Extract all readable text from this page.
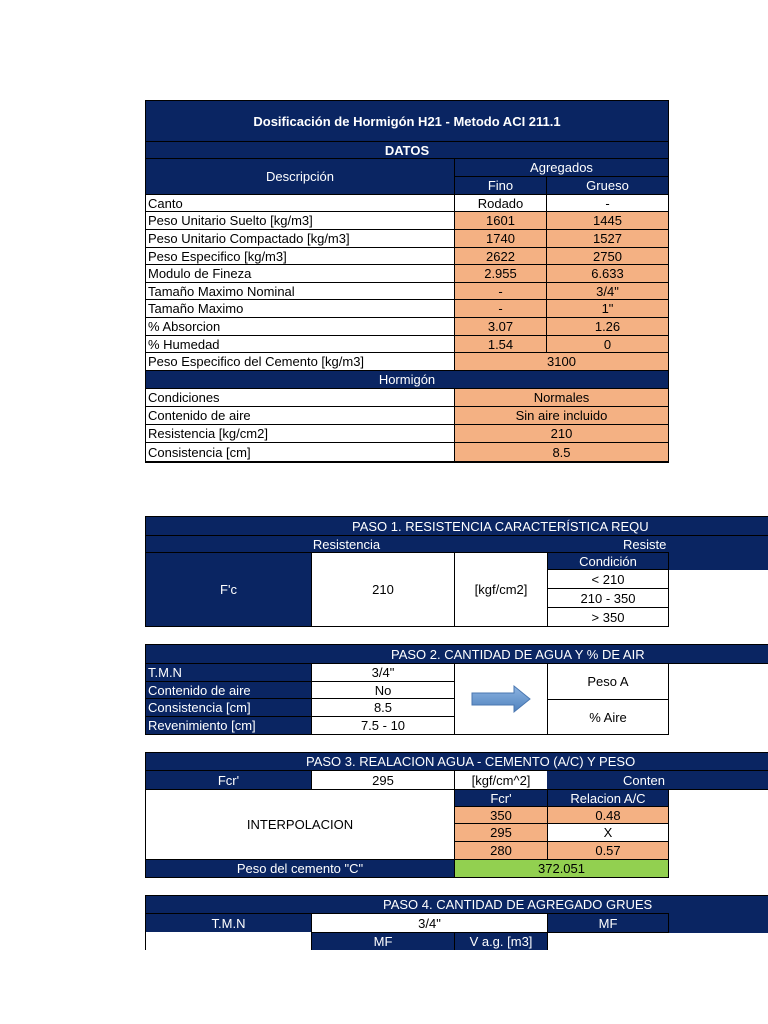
Dosificación de Hormigón H21 - Metodo ACI 211.1
DATOS
Descripción
Agregados
Fino	Grueso
Canto	Rodado	-
Peso Unitario Suelto [kg/m3]	1601	1445
Peso Unitario Compactado [kg/m3]	1740	1527
Peso Especifico [kg/m3]	2622	2750
Modulo de Fineza	2.955	6.633
Tamaño Maximo Nominal	-	3/4"
Tamaño Maximo	-	1"
% Absorcion	3.07	1.26
% Humedad	1.54	0
Peso Especifico del Cemento [kg/m3]	3100
Hormigón
Condiciones	Normales
Contenido de aire	Sin aire incluido
Resistencia [kg/cm2]	210
Consistencia [cm]	8.5
PASO 1. RESISTENCIA CARACTERÍSTICA REQU
Resistencia	Resiste
F'c	210	[kgf/cm2]
Condición
< 210
210 - 350
> 350
PASO 2. CANTIDAD DE AGUA Y % DE AIR
T.M.N	3/4"
Contenido de aire	No
Consistencia [cm]	8.5
Revenimiento [cm]	7.5 - 10
Peso A
% Aire
PASO 3. REALACION AGUA - CEMENTO (A/C) Y PESO
Fcr'	295	[kgf/cm^2]	Conten
INTERPOLACION
Fcr'	Relacion A/C
350	0.48
295	X
280	0.57
Peso del cemento "C"	372.051
PASO 4. CANTIDAD DE AGREGADO GRUES
T.M.N	3/4"	MF
MF	V a.g. [m3]
